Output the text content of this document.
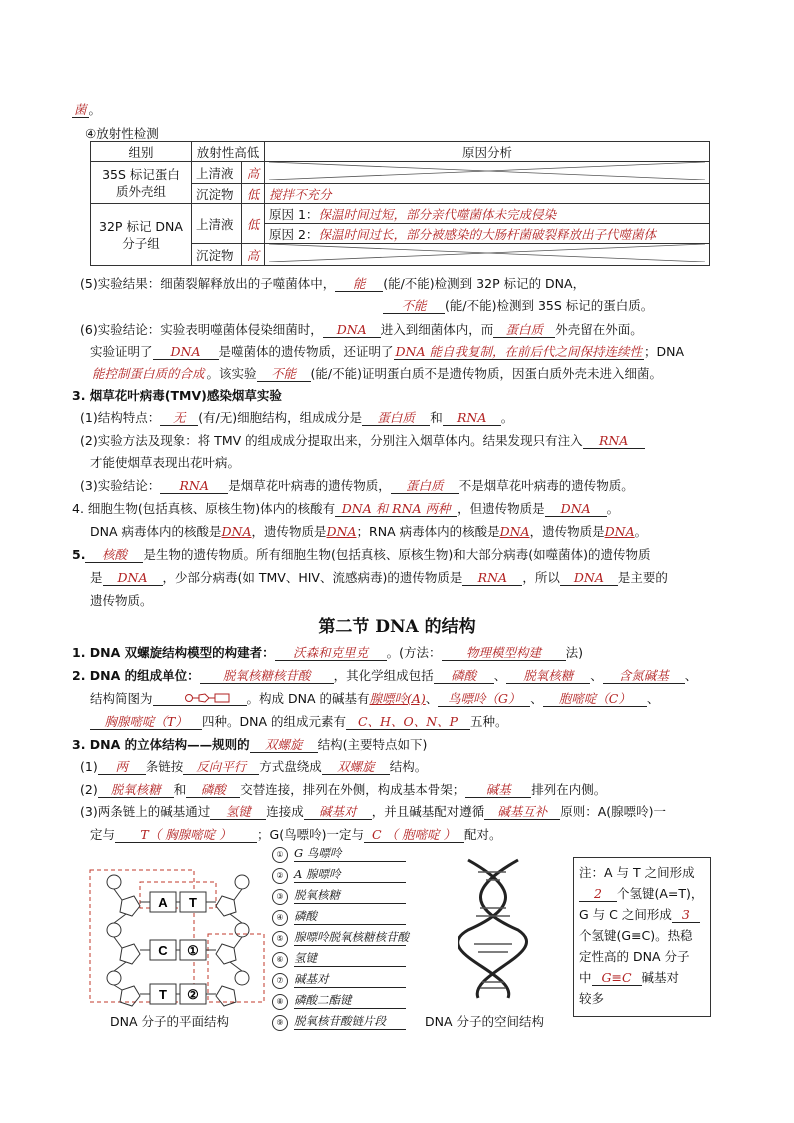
菌 。
④放射性检测
组别	放射性高低		原因分析
35S 标记蛋白
质外壳组	上清液	高	
	沉淀物	低	搅拌不充分
32P 标记 DNA
分子组	上清液	低	原因 1：保温时间过短，部分亲代噬菌体未完成侵染
			原因 2：保温时间过长，部分被感染的大肠杆菌破裂释放出子代噬菌体
	沉淀物	高	
(5)实验结果：细菌裂解释放出的子噬菌体中， 能 (能/不能)检测到 32P 标记的 DNA，
不能 (能/不能)检测到 35S 标记的蛋白质。
(6)实验结论：实验表明噬菌体侵染细菌时， DNA 进入到细菌体内，而 蛋白质 外壳留在外面。
实验证明了 DNA 是噬菌体的遗传物质，还证明了 DNA 能自我复制，在前后代之间保持连续性 ；DNA
能控制蛋白质的合成 。该实验 不能 (能/不能)证明蛋白质不是遗传物质，因蛋白质外壳未进入细菌。
3. 烟草花叶病毒(TMV)感染烟草实验
(1)结构特点： 无 (有/无)细胞结构，组成成分是 蛋白质 和 RNA 。
(2)实验方法及现象：将 TMV 的组成成分提取出来，分别注入烟草体内。结果发现只有注入 RNA
才能使烟草表现出花叶病。
(3)实验结论： RNA 是烟草花叶病毒的遗传物质， 蛋白质 不是烟草花叶病毒的遗传物质。
4. 细胞生物(包括真核、原核生物)体内的核酸有 DNA 和 RNA 两种 ，但遗传物质是 DNA 。
DNA 病毒体内的核酸是DNA，遗传物质是DNA；RNA 病毒体内的核酸是DNA，遗传物质是DNA。
5. 核酸 是生物的遗传物质。所有细胞生物(包括真核、原核生物)和大部分病毒(如噬菌体)的遗传物质
是 DNA ，少部分病毒(如 TMV、HIV、流感病毒)的遗传物质是 RNA ，所以 DNA 是主要的
遗传物质。
第二节 DNA 的结构
1. DNA 双螺旋结构模型的构建者： 沃森和克里克 。(方法： 物理模型构建 法)
2. DNA 的组成单位： 脱氧核糖核苷酸 ，其化学组成包括 磷酸 、 脱氧核糖 、 含氮碱基 、
结构简图为	。构成 DNA 的碱基有腺嘌呤(A)、 鸟嘌呤（G） 、 胞嘧啶（C） 、
胸腺嘧啶（T） 四种。DNA 的组成元素有 C、H、O、N、P 五种。
3. DNA 的立体结构——规则的 双螺旋 结构(主要特点如下)
(1) 两 条链按 反向平行 方式盘绕成 双螺旋 结构。
(2) 脱氧核糖 和 磷酸 交替连接，排列在外侧，构成基本骨架； 碱基 排列在内侧。
(3)两条链上的碱基通过 氢键 连接成 碱基对 ，并且碱基配对遵循 碱基互补 原则：A(腺嘌呤)一
定与 T（ 胸腺嘧啶 ） ；G(鸟嘌呤)一定与 C （ 胞嘧啶 ） 配对。
A T
C ①
T ②
DNA 分子的平面结构
① G 鸟嘌呤
② A 腺嘌呤
③ 脱氧核糖
④ 磷酸
⑤ 腺嘌呤脱氧核糖核苷酸
⑥ 氢键
⑦ 碱基对
⑧ 磷酸二酯键
⑨ 脱氧核苷酸链片段	DNA 分子的空间结构
注：A 与 T 之间形成
2 个氢键(A=T)，
G 与 C 之间形成 3
个氢键(G≡C)。热稳
定性高的 DNA 分子
中 G≡C 碱基对
较多
